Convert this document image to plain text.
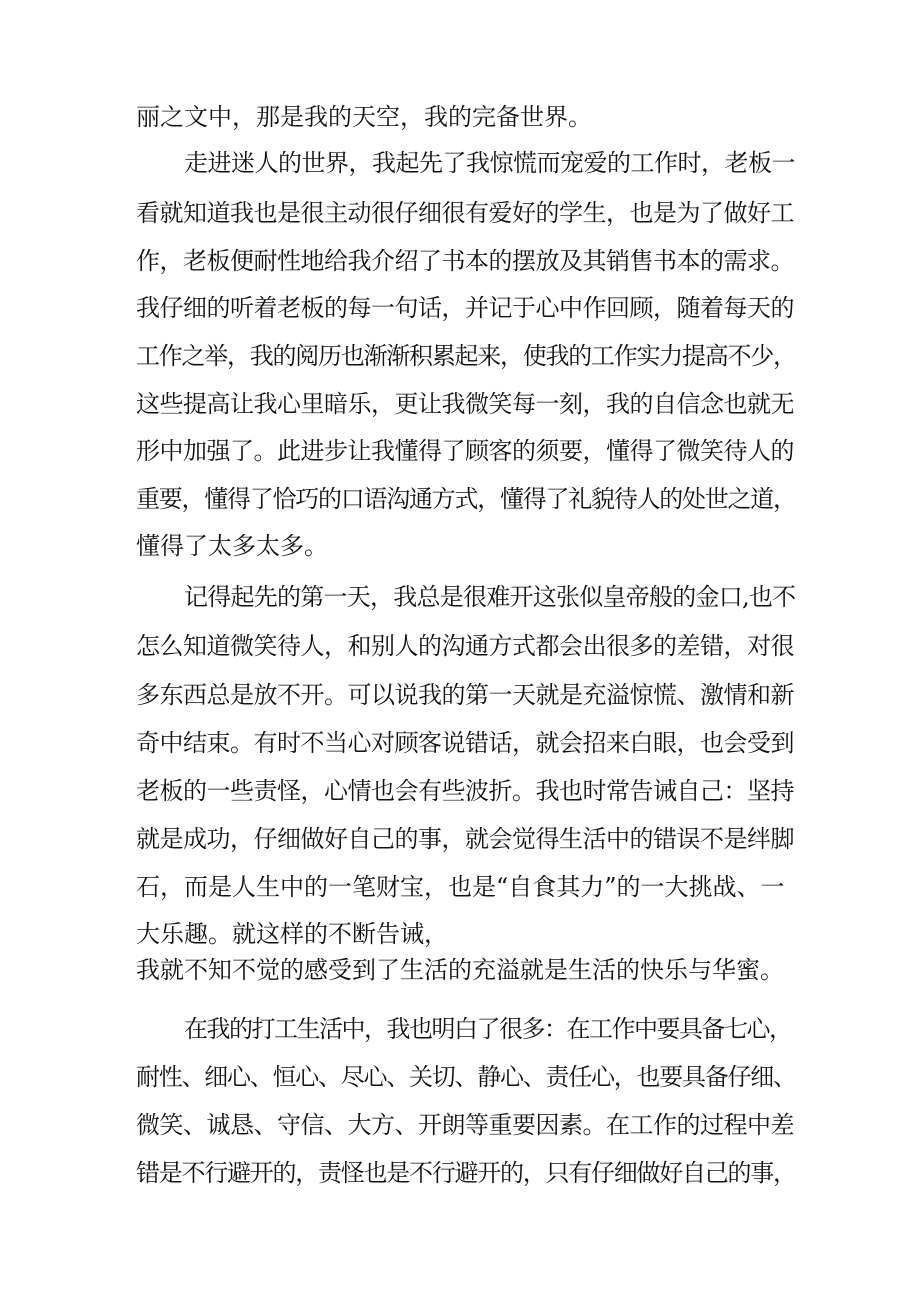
丽之文中，那是我的天空，我的完备世界。
走进迷人的世界，我起先了我惊慌而宠爱的工作时，老板一
看就知道我也是很主动很仔细很有爱好的学生，也是为了做好工
作，老板便耐性地给我介绍了书本的摆放及其销售书本的需求。
我仔细的听着老板的每一句话，并记于心中作回顾，随着每天的
工作之举，我的阅历也渐渐积累起来，使我的工作实力提高不少，
这些提高让我心里暗乐，更让我微笑每一刻，我的自信念也就无
形中加强了。此进步让我懂得了顾客的须要，懂得了微笑待人的
重要，懂得了恰巧的口语沟通方式，懂得了礼貌待人的处世之道，
懂得了太多太多。
记得起先的第一天，我总是很难开这张似皇帝般的金口,也不
怎么知道微笑待人，和别人的沟通方式都会出很多的差错，对很
多东西总是放不开。可以说我的第一天就是充溢惊慌、激情和新
奇中结束。有时不当心对顾客说错话，就会招来白眼，也会受到
老板的一些责怪，心情也会有些波折。我也时常告诫自己：坚持
就是成功，仔细做好自己的事，就会觉得生活中的错误不是绊脚
石，而是人生中的一笔财宝，也是“自食其力”的一大挑战、一
大乐趣。就这样的不断告诫，
我就不知不觉的感受到了生活的充溢就是生活的快乐与华蜜。
在我的打工生活中，我也明白了很多：在工作中要具备七心，
耐性、细心、恒心、尽心、关切、静心、责任心，也要具备仔细、
微笑、诚恳、守信、大方、开朗等重要因素。在工作的过程中差
错是不行避开的，责怪也是不行避开的，只有仔细做好自己的事，
